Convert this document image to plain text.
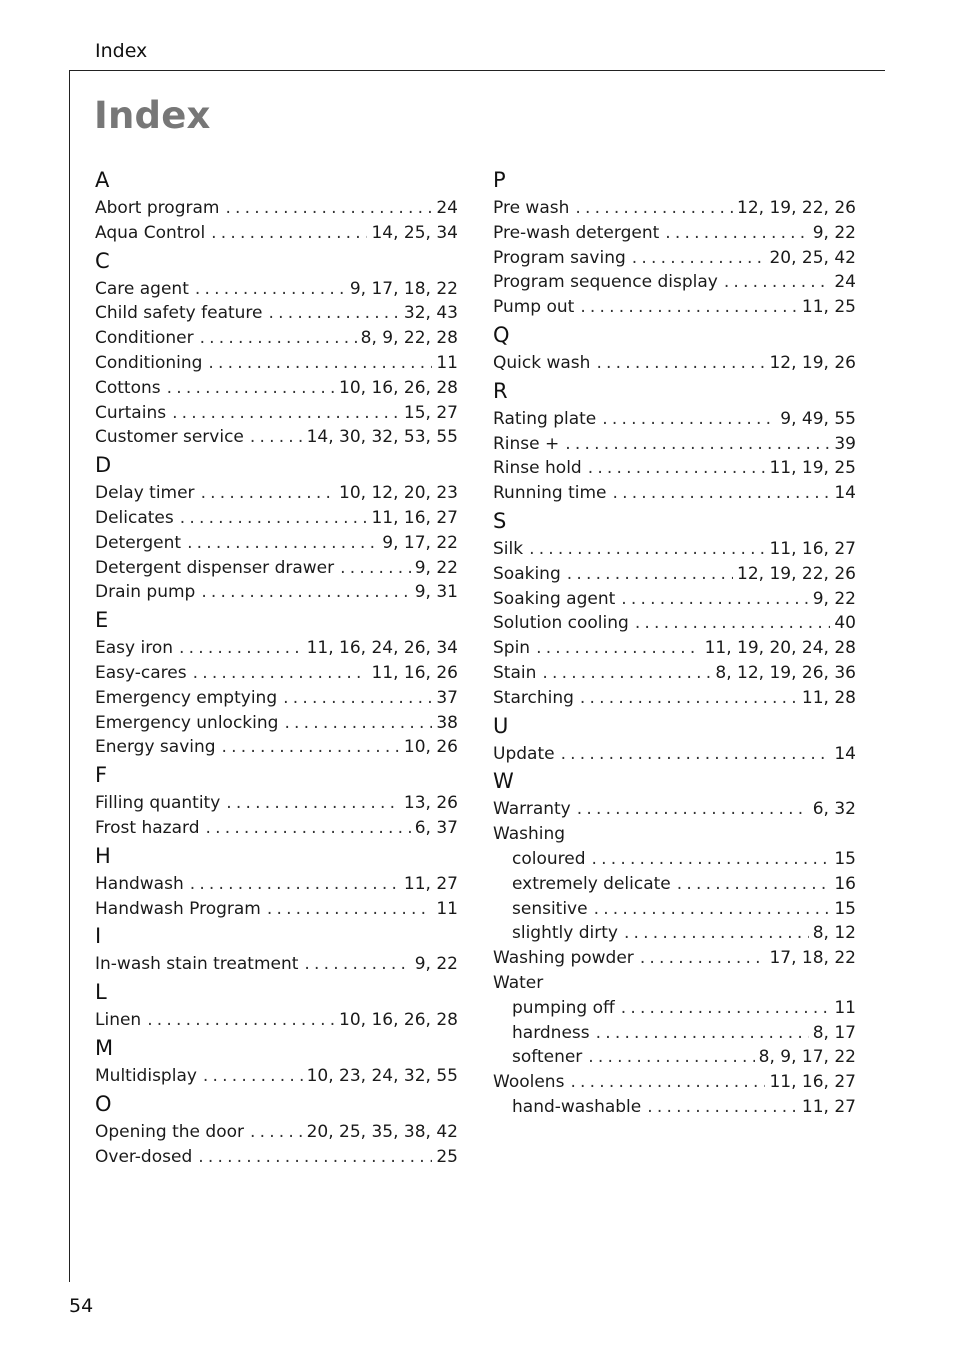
Index
Index
A
Abort program . . .	24
Aqua Control . . .	14, 25, 34
C
Care agent . . .	9, 17, 18, 22
Child safety feature . . .	32, 43
Conditioner . . .	8, 9, 22, 28
Conditioning . . .	11
Cottons . . .	10, 16, 26, 28
Curtains . . .	15, 27
Customer service . . .	14, 30, 32, 53, 55
D
Delay timer . . .	10, 12, 20, 23
Delicates . . .	11, 16, 27
Detergent . . .	9, 17, 22
Detergent dispenser drawer . . .	9, 22
Drain pump . . .	9, 31
E
Easy iron . . .	11, 16, 24, 26, 34
Easy-cares . . .	11, 16, 26
Emergency emptying . . .	37
Emergency unlocking . . .	38
Energy saving . . .	10, 26
F
Filling quantity . . .	13, 26
Frost hazard . . .	6, 37
H
Handwash . . .	11, 27
Handwash Program . . .	11
I
In-wash stain treatment . . .	9, 22
L
Linen . . .	10, 16, 26, 28
M
Multidisplay . . .	10, 23, 24, 32, 55
O
Opening the door . . .	20, 25, 35, 38, 42
Over-dosed . . .	25
P
Pre wash . . .	12, 19, 22, 26
Pre-wash detergent . . .	9, 22
Program saving . . .	20, 25, 42
Program sequence display . . .	24
Pump out . . .	11, 25
Q
Quick wash . . .	12, 19, 26
R
Rating plate . . .	9, 49, 55
Rinse + . . .	39
Rinse hold . . .	11, 19, 25
Running time . . .	14
S
Silk . . .	11, 16, 27
Soaking . . .	12, 19, 22, 26
Soaking agent . . .	9, 22
Solution cooling . . .	40
Spin . . .	11, 19, 20, 24, 28
Stain . . .	8, 12, 19, 26, 36
Starching . . .	11, 28
U
Update . . .	14
W
Warranty . . .	6, 32
Washing
coloured . . .	15
extremely delicate . . .	16
sensitive . . .	15
slightly dirty . . .	8, 12
Washing powder . . .	17, 18, 22
Water
pumping off . . .	11
hardness . . .	8, 17
softener . . .	8, 9, 17, 22
Woolens . . .	11, 16, 27
hand-washable . . .	11, 27
54
